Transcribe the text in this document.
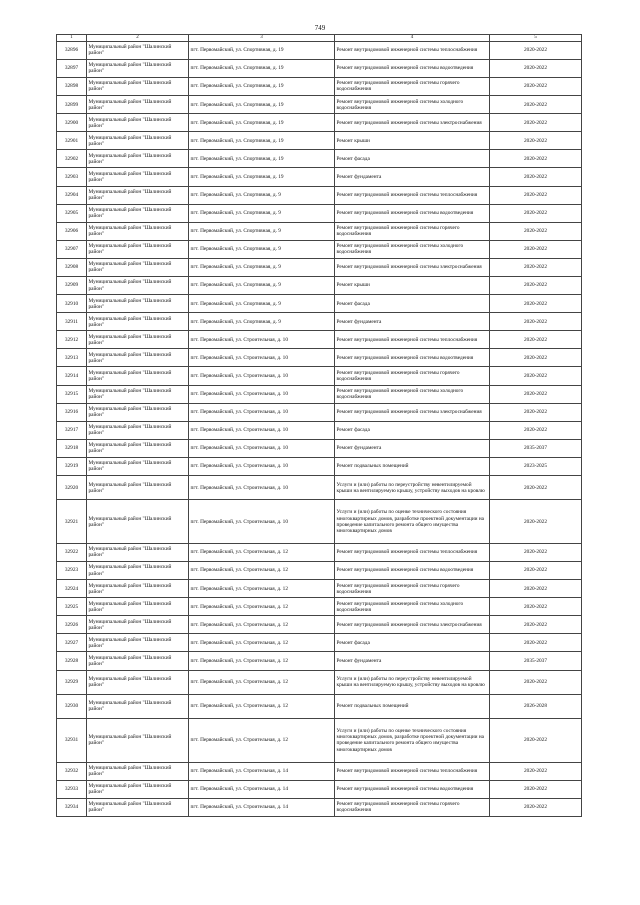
749
1	2	3	4	5
32896	Муниципальный район "Шалинский район"	пгт. Первомайский, ул. Спортивная, д. 19	Ремонт внутридомовой инженерной системы теплоснабжения	2020-2022
32897	Муниципальный район "Шалинский район"	пгт. Первомайский, ул. Спортивная, д. 19	Ремонт внутридомовой инженерной системы водоотведения	2020-2022
32898	Муниципальный район "Шалинский район"	пгт. Первомайский, ул. Спортивная, д. 19	Ремонт внутридомовой инженерной системы горячего водоснабжения	2020-2022
32899	Муниципальный район "Шалинский район"	пгт. Первомайский, ул. Спортивная, д. 19	Ремонт внутридомовой инженерной системы холодного водоснабжения	2020-2022
32900	Муниципальный район "Шалинский район"	пгт. Первомайский, ул. Спортивная, д. 19	Ремонт внутридомовой инженерной системы электроснабжения	2020-2022
32901	Муниципальный район "Шалинский район"	пгт. Первомайский, ул. Спортивная, д. 19	Ремонт крыши	2020-2022
32902	Муниципальный район "Шалинский район"	пгт. Первомайский, ул. Спортивная, д. 19	Ремонт фасада	2020-2022
32903	Муниципальный район "Шалинский район"	пгт. Первомайский, ул. Спортивная, д. 19	Ремонт фундамента	2020-2022
32904	Муниципальный район "Шалинский район"	пгт. Первомайский, ул. Спортивная, д. 9	Ремонт внутридомовой инженерной системы теплоснабжения	2020-2022
32905	Муниципальный район "Шалинский район"	пгт. Первомайский, ул. Спортивная, д. 9	Ремонт внутридомовой инженерной системы водоотведения	2020-2022
32906	Муниципальный район "Шалинский район"	пгт. Первомайский, ул. Спортивная, д. 9	Ремонт внутридомовой инженерной системы горячего водоснабжения	2020-2022
32907	Муниципальный район "Шалинский район"	пгт. Первомайский, ул. Спортивная, д. 9	Ремонт внутридомовой инженерной системы холодного водоснабжения	2020-2022
32908	Муниципальный район "Шалинский район"	пгт. Первомайский, ул. Спортивная, д. 9	Ремонт внутридомовой инженерной системы электроснабжения	2020-2022
32909	Муниципальный район "Шалинский район"	пгт. Первомайский, ул. Спортивная, д. 9	Ремонт крыши	2020-2022
32910	Муниципальный район "Шалинский район"	пгт. Первомайский, ул. Спортивная, д. 9	Ремонт фасада	2020-2022
32911	Муниципальный район "Шалинский район"	пгт. Первомайский, ул. Спортивная, д. 9	Ремонт фундамента	2020-2022
32912	Муниципальный район "Шалинский район"	пгт. Первомайский, ул. Строительная, д. 10	Ремонт внутридомовой инженерной системы теплоснабжения	2020-2022
32913	Муниципальный район "Шалинский район"	пгт. Первомайский, ул. Строительная, д. 10	Ремонт внутридомовой инженерной системы водоотведения	2020-2022
32914	Муниципальный район "Шалинский район"	пгт. Первомайский, ул. Строительная, д. 10	Ремонт внутридомовой инженерной системы горячего водоснабжения	2020-2022
32915	Муниципальный район "Шалинский район"	пгт. Первомайский, ул. Строительная, д. 10	Ремонт внутридомовой инженерной системы холодного водоснабжения	2020-2022
32916	Муниципальный район "Шалинский район"	пгт. Первомайский, ул. Строительная, д. 10	Ремонт внутридомовой инженерной системы электроснабжения	2020-2022
32917	Муниципальный район "Шалинский район"	пгт. Первомайский, ул. Строительная, д. 10	Ремонт фасада	2020-2022
32918	Муниципальный район "Шалинский район"	пгт. Первомайский, ул. Строительная, д. 10	Ремонт фундамента	2035-2037
32919	Муниципальный район "Шалинский район"	пгт. Первомайский, ул. Строительная, д. 10	Ремонт подвальных помещений	2023-2025
32920	Муниципальный район "Шалинский район"	пгт. Первомайский, ул. Строительная, д. 10	Услуги и (или) работы по переустройству невентилируемой крыши на вентилируемую крышу, устройству выходов на кровлю	2020-2022
32921	Муниципальный район "Шалинский район"	пгт. Первомайский, ул. Строительная, д. 10	Услуги и (или) работы по оценке технического состояния многоквартирных домов, разработке проектной документации на проведение капитального ремонта общего имущества многоквартирных домов	2020-2022
32922	Муниципальный район "Шалинский район"	пгт. Первомайский, ул. Строительная, д. 12	Ремонт внутридомовой инженерной системы теплоснабжения	2020-2022
32923	Муниципальный район "Шалинский район"	пгт. Первомайский, ул. Строительная, д. 12	Ремонт внутридомовой инженерной системы водоотведения	2020-2022
32924	Муниципальный район "Шалинский район"	пгт. Первомайский, ул. Строительная, д. 12	Ремонт внутридомовой инженерной системы горячего водоснабжения	2020-2022
32925	Муниципальный район "Шалинский район"	пгт. Первомайский, ул. Строительная, д. 12	Ремонт внутридомовой инженерной системы холодного водоснабжения	2020-2022
32926	Муниципальный район "Шалинский район"	пгт. Первомайский, ул. Строительная, д. 12	Ремонт внутридомовой инженерной системы электроснабжения	2020-2022
32927	Муниципальный район "Шалинский район"	пгт. Первомайский, ул. Строительная, д. 12	Ремонт фасада	2020-2022
32928	Муниципальный район "Шалинский район"	пгт. Первомайский, ул. Строительная, д. 12	Ремонт фундамента	2035-2037
32929	Муниципальный район "Шалинский район"	пгт. Первомайский, ул. Строительная, д. 12	Услуги и (или) работы по переустройству невентилируемой крыши на вентилируемую крышу, устройству выходов на кровлю	2020-2022
32930	Муниципальный район "Шалинский район"	пгт. Первомайский, ул. Строительная, д. 12	Ремонт подвальных помещений	2026-2028
32931	Муниципальный район "Шалинский район"	пгт. Первомайский, ул. Строительная, д. 12	Услуги и (или) работы по оценке технического состояния многоквартирных домов, разработке проектной документации на проведение капитального ремонта общего имущества многоквартирных домов	2020-2022
32932	Муниципальный район "Шалинский район"	пгт. Первомайский, ул. Строительная, д. 14	Ремонт внутридомовой инженерной системы теплоснабжения	2020-2022
32933	Муниципальный район "Шалинский район"	пгт. Первомайский, ул. Строительная, д. 14	Ремонт внутридомовой инженерной системы водоотведения	2020-2022
32934	Муниципальный район "Шалинский район"	пгт. Первомайский, ул. Строительная, д. 14	Ремонт внутридомовой инженерной системы горячего водоснабжения	2020-2022
